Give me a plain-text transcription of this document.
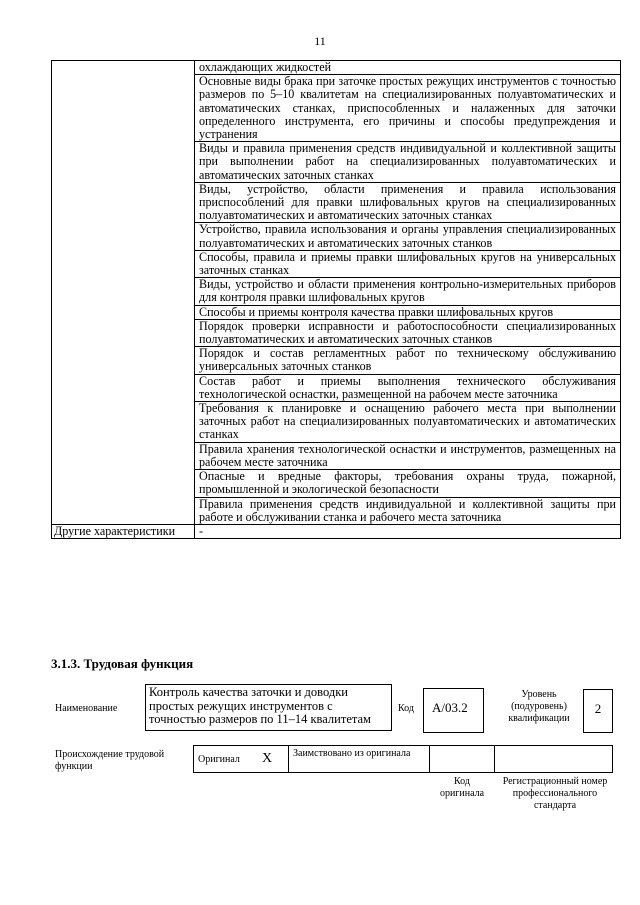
11
	охлаждающих жидкостей
	Основные виды брака при заточке простых режущих инструментов с точностью размеров по 5–10 квалитетам на специализированных полуавтоматических и автоматических станках, приспособленных и налаженных для заточки определенного инструмента, его причины и способы предупреждения и устранения
	Виды и правила применения средств индивидуальной и коллективной защиты при выполнении работ на специализированных полуавтоматических и автоматических заточных станках
	Виды, устройство, области применения и правила использования приспособлений для правки шлифовальных кругов на специализированных полуавтоматических и автоматических заточных станках
	Устройство, правила использования и органы управления специализированных полуавтоматических и автоматических заточных станков
	Способы, правила и приемы правки шлифовальных кругов на универсальных заточных станках
	Виды, устройство и области применения контрольно-измерительных приборов для контроля правки шлифовальных кругов
	Способы и приемы контроля качества правки шлифовальных кругов
	Порядок проверки исправности и работоспособности специализированных полуавтоматических и автоматических заточных станков
	Порядок и состав регламентных работ по техническому обслуживанию универсальных заточных станков
	Состав работ и приемы выполнения технического обслуживания технологической оснастки, размещенной на рабочем месте заточника
	Требования к планировке и оснащению рабочего места при выполнении заточных работ на специализированных полуавтоматических и автоматических станках
	Правила хранения технологической оснастки и инструментов, размещенных на рабочем месте заточника
	Опасные и вредные факторы, требования охраны труда, пожарной, промышленной и экологической безопасности
	Правила применения средств индивидуальной и коллективной защиты при работе и обслуживании станка и рабочего места заточника
Другие характеристики	-
3.1.3. Трудовая функция
Наименование
Контроль качества заточки и доводки простых режущих инструментов с точностью размеров по 11–14 квалитетам
Код	А/03.2
Уровень (подуровень) квалификации
2
Происхождение трудовой функции
Оригинал X Заимствовано из оригинала
Код оригинала
Регистрационный номер профессионального стандарта
